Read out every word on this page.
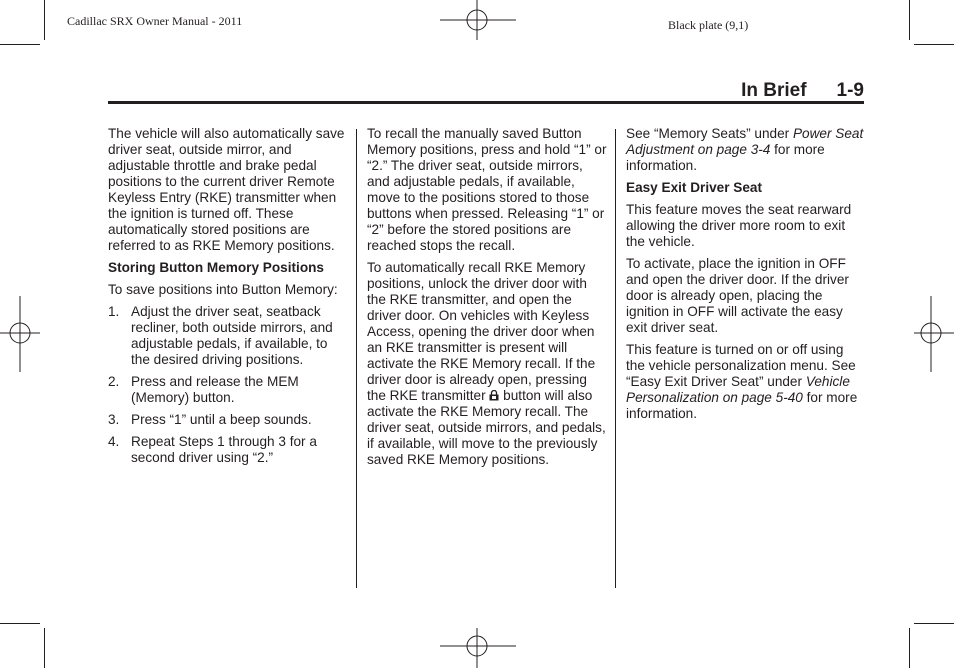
Cadillac SRX Owner Manual - 2011	Black plate (9,1)
In Brief 1-9

The vehicle will also automatically save driver seat, outside mirror, and adjustable throttle and brake pedal positions to the current driver Remote Keyless Entry (RKE) transmitter when the ignition is turned off. These automatically stored positions are referred to as RKE Memory positions.

Storing Button Memory Positions

To save positions into Button Memory:

1. Adjust the driver seat, seatback recliner, both outside mirrors, and adjustable pedals, if available, to the desired driving positions.
2. Press and release the MEM (Memory) button.
3. Press “1” until a beep sounds.
4. Repeat Steps 1 through 3 for a second driver using “2.”

To recall the manually saved Button Memory positions, press and hold “1” or “2.” The driver seat, outside mirrors, and adjustable pedals, if available, move to the positions stored to those buttons when pressed. Releasing “1” or “2” before the stored positions are reached stops the recall.

To automatically recall RKE Memory positions, unlock the driver door with the RKE transmitter, and open the driver door. On vehicles with Keyless Access, opening the driver door when an RKE transmitter is present will activate the RKE Memory recall. If the driver door is already open, pressing the RKE transmitter button will also activate the RKE Memory recall. The driver seat, outside mirrors, and pedals, if available, will move to the previously saved RKE Memory positions.

See “Memory Seats” under Power Seat Adjustment on page 3-4 for more information.

Easy Exit Driver Seat

This feature moves the seat rearward allowing the driver more room to exit the vehicle.

To activate, place the ignition in OFF and open the driver door. If the driver door is already open, placing the ignition in OFF will activate the easy exit driver seat.

This feature is turned on or off using the vehicle personalization menu. See “Easy Exit Driver Seat” under Vehicle Personalization on page 5-40 for more information.
